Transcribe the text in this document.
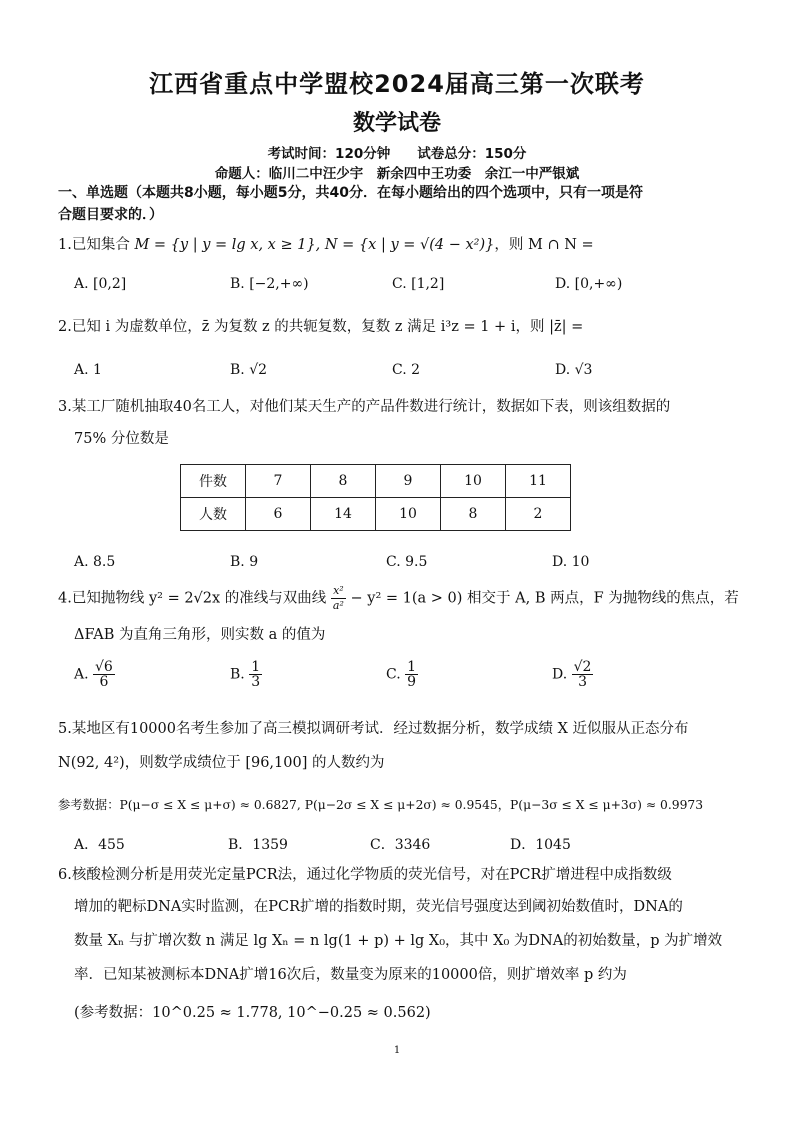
江西省重点中学盟校2024届高三第一次联考
数学试卷
考试时间：120分钟　　试卷总分：150分
命题人：临川二中汪少宇　新余四中王功委　余江一中严银斌
一、单选题（本题共8小题，每小题5分，共40分．在每小题给出的四个选项中，只有一项是符
合题目要求的．）
1.已知集合 M = {y | y = lg x, x ≥ 1}, N = {x | y = √(4 − x²)}，则 M ∩ N =
A. [0,2]	B. [−2,+∞)	C. [1,2]	D. [0,+∞)
2.已知 i 为虚数单位，z̄ 为复数 z 的共轭复数，复数 z 满足 i³z = 1 + i，则 |z̄| =
A. 1	B. √2	C. 2	D. √3
3.某工厂随机抽取40名工人，对他们某天生产的产品件数进行统计，数据如下表，则该组数据的
75% 分位数是
件数	7	8	9	10	11
人数	6	14	10	8	2
A. 8.5	B. 9	C. 9.5	D. 10
4.已知抛物线 y² = 2√2x 的准线与双曲线 $\frac{\text{x²}}{\text{a²}} - y^2 = 1(a > 0)$ 相交于 A, B 两点，F 为抛物线的焦点，若
ΔFAB 为直角三角形，则实数 a 的值为
A. $\frac{√6}{6}$	B. $\frac{1}{3}$	C. $\frac{1}{9}$	D. $\frac{√2}{3}$
5.某地区有10000名考生参加了高三模拟调研考试．经过数据分析，数学成绩 X 近似服从正态分布
N(92, 4²)，则数学成绩位于 [96,100] 的人数约为
参考数据：P(μ−σ ≤ X ≤ μ+σ) ≈ 0.6827, P(μ−2σ ≤ X ≤ μ+2σ) ≈ 0.9545，P(μ−3σ ≤ X ≤ μ+3σ) ≈ 0.9973
A．455	B．1359	C．3346	D．1045
6.核酸检测分析是用荧光定量PCR法，通过化学物质的荧光信号，对在PCR扩增进程中成指数级
增加的靶标DNA实时监测，在PCR扩增的指数时期，荧光信号强度达到阈初始数值时，DNA的
数量 Xₙ 与扩增次数 n 满足 lg Xₙ = n lg(1 + p) + lg X₀，其中 X₀ 为DNA的初始数量，p 为扩增效
率．已知某被测标本DNA扩增16次后，数量变为原来的10000倍，则扩增效率 p 约为
(参考数据：10^0.25 ≈ 1.778, 10^−0.25 ≈ 0.562)
1
